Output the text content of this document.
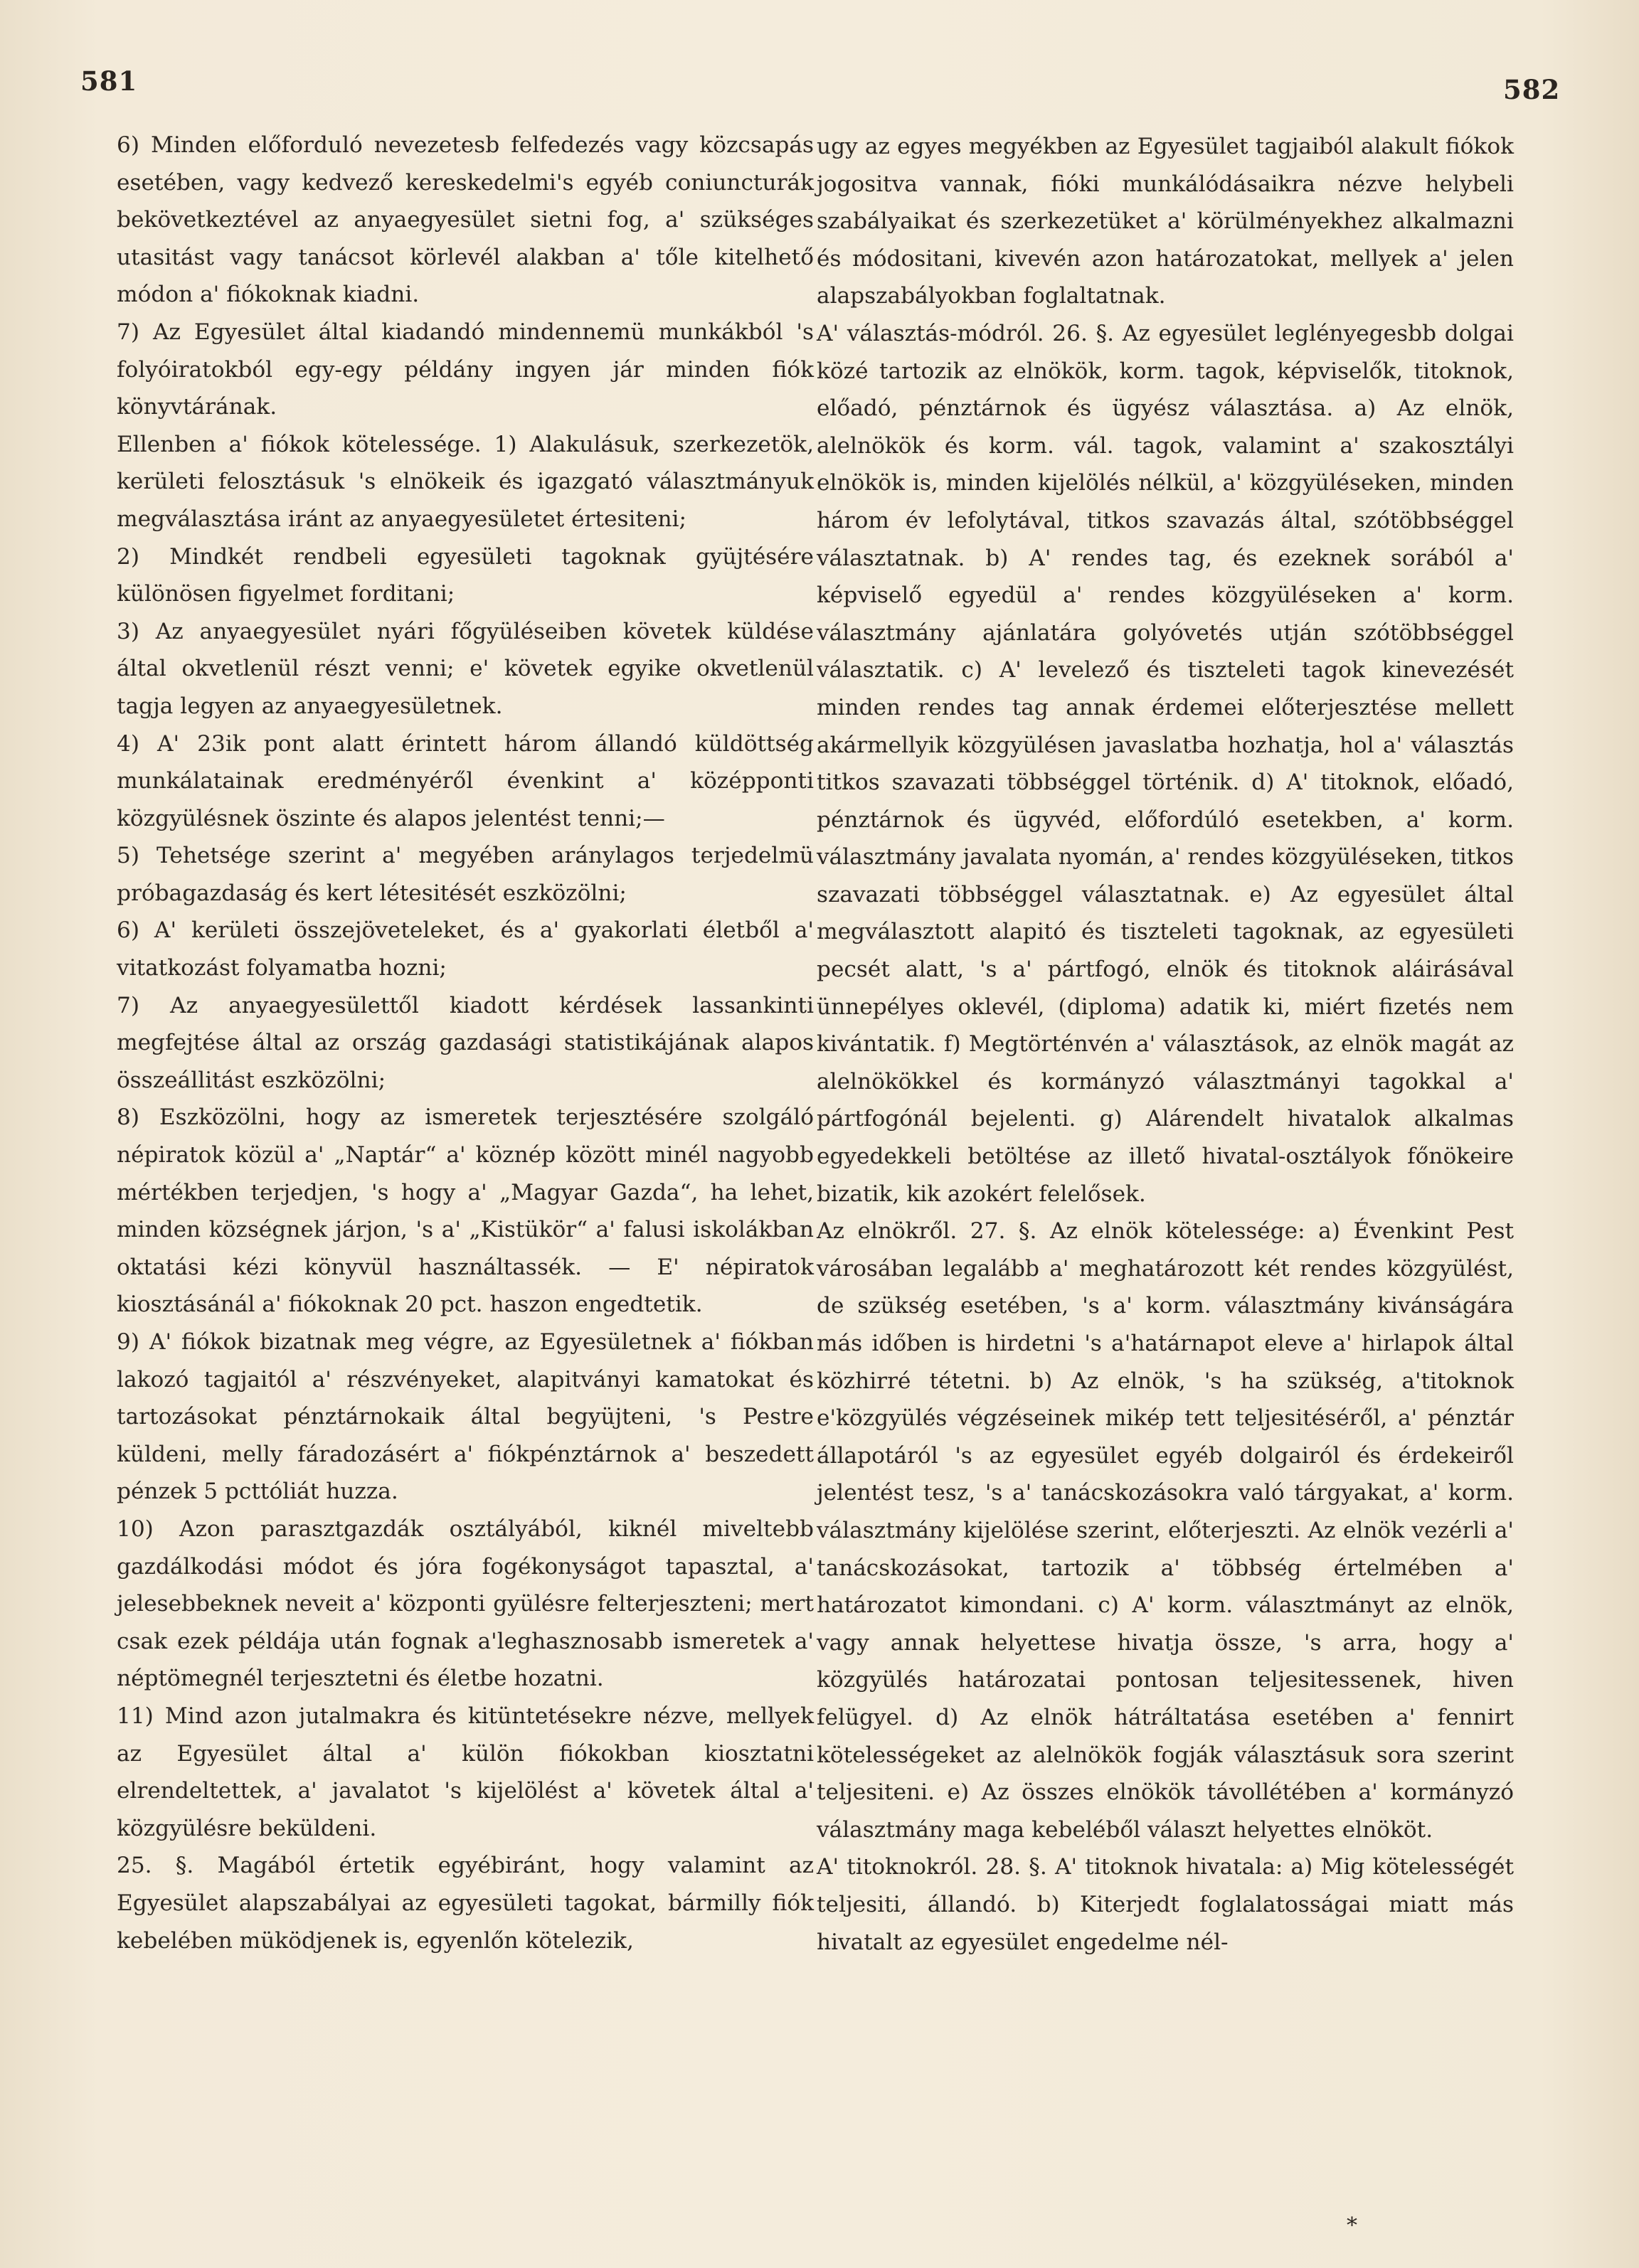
581	582

6) Minden előforduló nevezetesb felfedezés vagy közcsapás esetében, vagy kedvező kereskedelmi's egyéb coniuncturák bekövetkeztével az anyaegyesület sietni fog, a' szükséges utasitást vagy tanácsot körlevél alakban a' tőle kitelhető módon a' fiókoknak kiadni.

7) Az Egyesület által kiadandó mindennemü munkákból 's folyóiratokból egy-egy példány ingyen jár minden fiók könyvtárának.

Ellenben a' fiókok kötelessége. 1) Alakulásuk, szerkezetök, kerületi felosztásuk 's elnökeik és igazgató választmányuk megválasztása iránt az anyaegyesületet értesiteni;

2) Mindkét rendbeli egyesületi tagoknak gyüjtésére különösen figyelmet forditani;

3) Az anyaegyesület nyári főgyüléseiben követek küldése által okvetlenül részt venni; e' követek egyike okvetlenül tagja legyen az anyaegyesületnek.

4) A' 23ik pont alatt érintett három állandó küldöttség munkálatainak eredményéről évenkint a' középponti közgyülésnek öszinte és alapos jelentést tenni;—

5) Tehetsége szerint a' megyében aránylagos terjedelmü próbagazdaság és kert létesitését eszközölni;

6) A' kerületi összejöveteleket, és a' gyakorlati életből a' vitatkozást folyamatba hozni;

7) Az anyaegyesülettől kiadott kérdések lassankinti megfejtése által az ország gazdasági statistikájának alapos összeállitást eszközölni;

8) Eszközölni, hogy az ismeretek terjesztésére szolgáló népiratok közül a' „Naptár“ a' köznép között minél nagyobb mértékben terjedjen, 's hogy a' „Magyar Gazda“, ha lehet, minden községnek járjon, 's a' „Kistükör“ a' falusi iskolákban oktatási kézi könyvül használtassék. — E' népiratok kiosztásánál a' fiókoknak 20 pct. haszon engedtetik.

9) A' fiókok bizatnak meg végre, az Egyesületnek a' fiókban lakozó tagjaitól a' részvényeket, alapitványi kamatokat és tartozásokat pénztárnokaik által begyüjteni, 's Pestre küldeni, melly fáradozásért a' fiókpénztárnok a' beszedett pénzek 5 pcttóliát huzza.

10) Azon parasztgazdák osztályából, kiknél miveltebb gazdálkodási módot és jóra fogékonyságot tapasztal, a' jelesebbeknek neveit a' központi gyülésre felterjeszteni; mert csak ezek példája után fognak a'leghasznosabb ismeretek a' néptömegnél terjesztetni és életbe hozatni.

11) Mind azon jutalmakra és kitüntetésekre nézve, mellyek az Egyesület által a' külön fiókokban kiosztatni elrendeltettek, a' javalatot 's kijelölést a' követek által a' közgyülésre beküldeni.

25. §. Magából értetik egyébiránt, hogy valamint az Egyesület alapszabályai az egyesületi tagokat, bármilly fiók kebelében müködjenek is, egyenlőn kötelezik,

ugy az egyes megyékben az Egyesület tagjaiból alakult fiókok jogositva vannak, fióki munkálódásaikra nézve helybeli szabályaikat és szerkezetüket a' körülményekhez alkalmazni és módositani, kivevén azon határozatokat, mellyek a' jelen alapszabályokban foglaltatnak.

A' választás-módról. 26. §. Az egyesület leglényegesbb dolgai közé tartozik az elnökök, korm. tagok, képviselők, titoknok, előadó, pénztárnok és ügyész választása. a) Az elnök, alelnökök és korm. vál. tagok, valamint a' szakosztályi elnökök is, minden kijelölés nélkül, a' közgyüléseken, minden három év lefolytával, titkos szavazás által, szótöbbséggel választatnak. b) A' rendes tag, és ezeknek sorából a' képviselő egyedül a' rendes közgyüléseken a' korm. választmány ajánlatára golyóvetés utján szótöbbséggel választatik. c) A' levelező és tiszteleti tagok kinevezését minden rendes tag annak érdemei előterjesztése mellett akármellyik közgyülésen javaslatba hozhatja, hol a' választás titkos szavazati többséggel történik. d) A' titoknok, előadó, pénztárnok és ügyvéd, előfordúló esetekben, a' korm. választmány javalata nyomán, a' rendes közgyüléseken, titkos szavazati többséggel választatnak. e) Az egyesület által megválasztott alapitó és tiszteleti tagoknak, az egyesületi pecsét alatt, 's a' pártfogó, elnök és titoknok aláirásával ünnepélyes oklevél, (diploma) adatik ki, miért fizetés nem kivántatik. f) Megtörténvén a' választások, az elnök magát az alelnökökkel és kormányzó választmányi tagokkal a' pártfogónál bejelenti. g) Alárendelt hivatalok alkalmas egyedekkeli betöltése az illető hivatal-osztályok főnökeire bizatik, kik azokért felelősek.

Az elnökről. 27. §. Az elnök kötelessége: a) Évenkint Pest városában legalább a' meghatározott két rendes közgyülést, de szükség esetében, 's a' korm. választmány kivánságára más időben is hirdetni 's a'határnapot eleve a' hirlapok által közhirré tétetni. b) Az elnök, 's ha szükség, a'titoknok e'közgyülés végzéseinek mikép tett teljesitéséről, a' pénztár állapotáról 's az egyesület egyéb dolgairól és érdekeiről jelentést tesz, 's a' tanácskozásokra való tárgyakat, a' korm. választmány kijelölése szerint, előterjeszti. Az elnök vezérli a' tanácskozásokat, tartozik a' többség értelmében a' határozatot kimondani. c) A' korm. választmányt az elnök, vagy annak helyettese hivatja össze, 's arra, hogy a' közgyülés határozatai pontosan teljesitessenek, hiven felügyel. d) Az elnök hátráltatása esetében a' fennirt kötelességeket az alelnökök fogják választásuk sora szerint teljesiteni. e) Az összes elnökök távollétében a' kormányzó választmány maga kebeléből választ helyettes elnököt.

A' titoknokról. 28. §. A' titoknok hivatala: a) Mig kötelességét teljesiti, állandó. b) Kiterjedt foglalatosságai miatt más hivatalt az egyesület engedelme nél-

*
